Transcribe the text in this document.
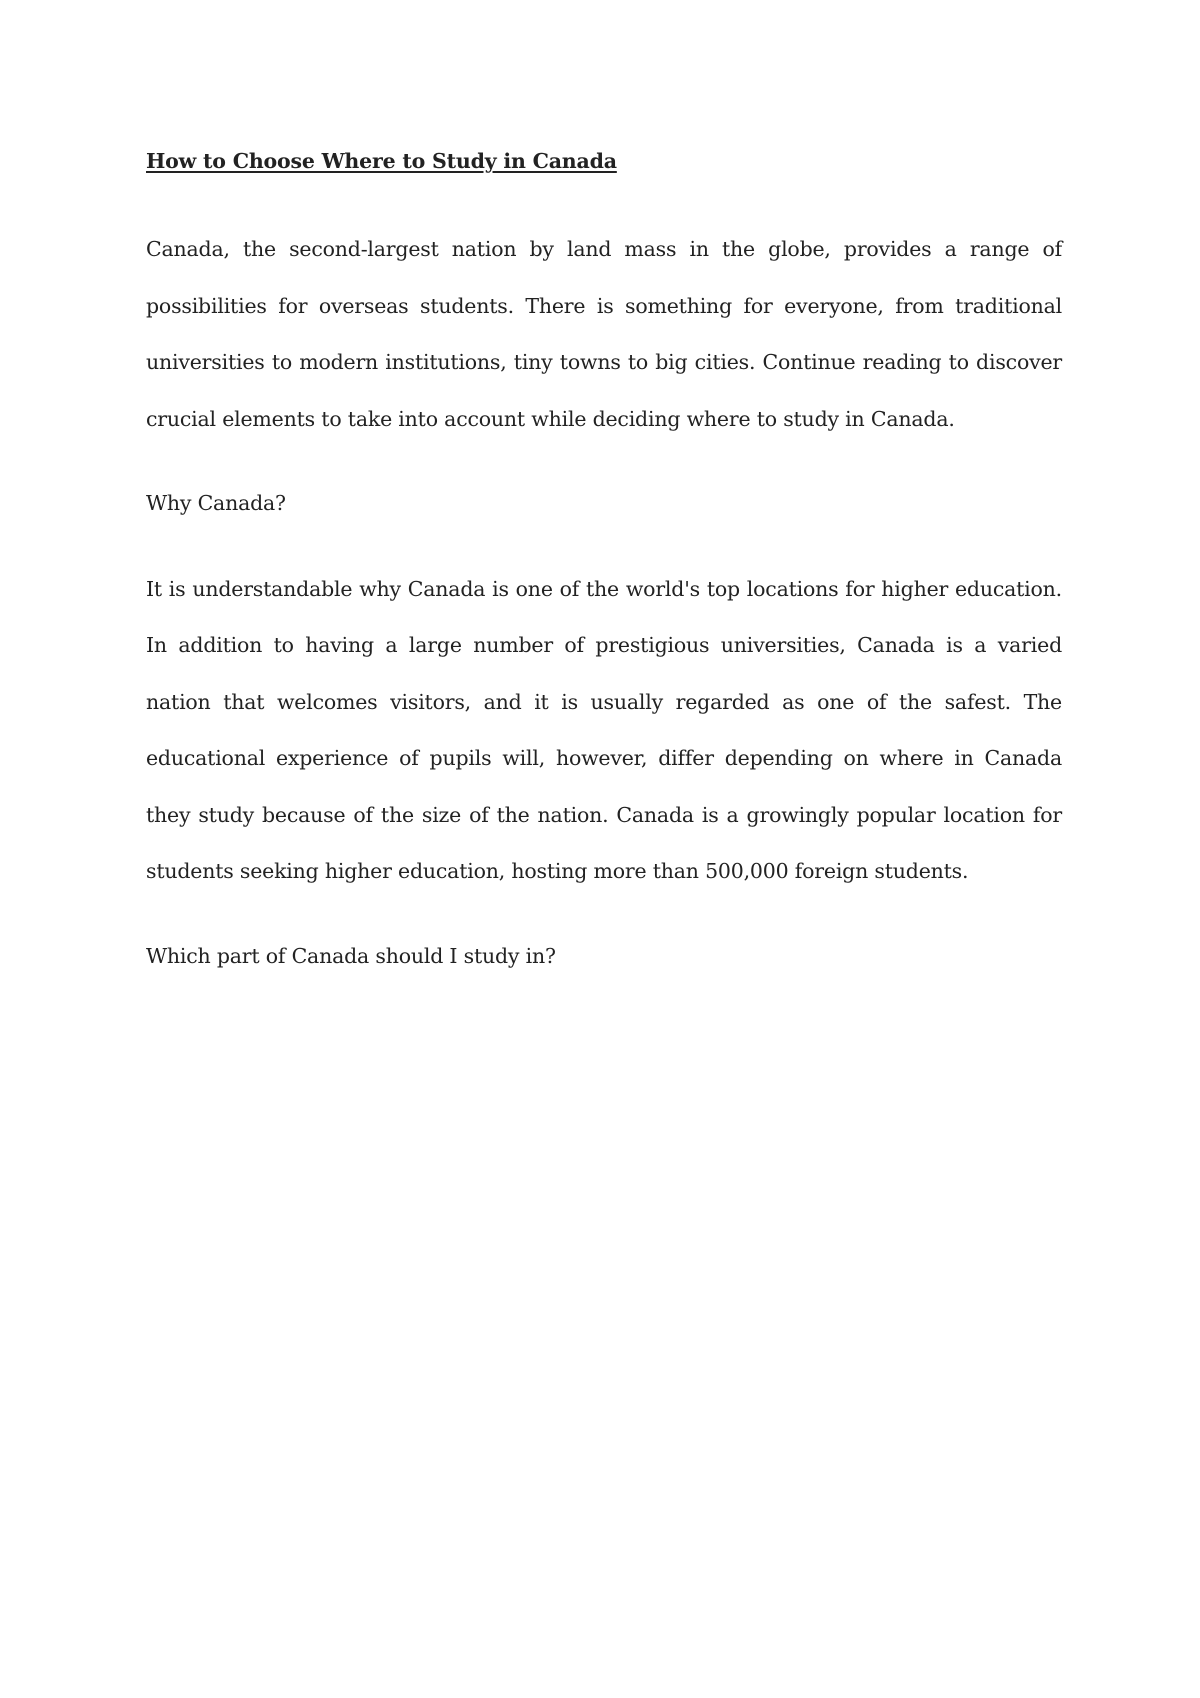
How to Choose Where to Study in Canada

Canada, the second-largest nation by land mass in the globe, provides a range of possibilities for overseas students. There is something for everyone, from traditional universities to modern institutions, tiny towns to big cities. Continue reading to discover crucial elements to take into account while deciding where to study in Canada.

Why Canada?

It is understandable why Canada is one of the world's top locations for higher education. In addition to having a large number of prestigious universities, Canada is a varied nation that welcomes visitors, and it is usually regarded as one of the safest. The educational experience of pupils will, however, differ depending on where in Canada they study because of the size of the nation. Canada is a growingly popular location for students seeking higher education, hosting more than 500,000 foreign students.

Which part of Canada should I study in?
